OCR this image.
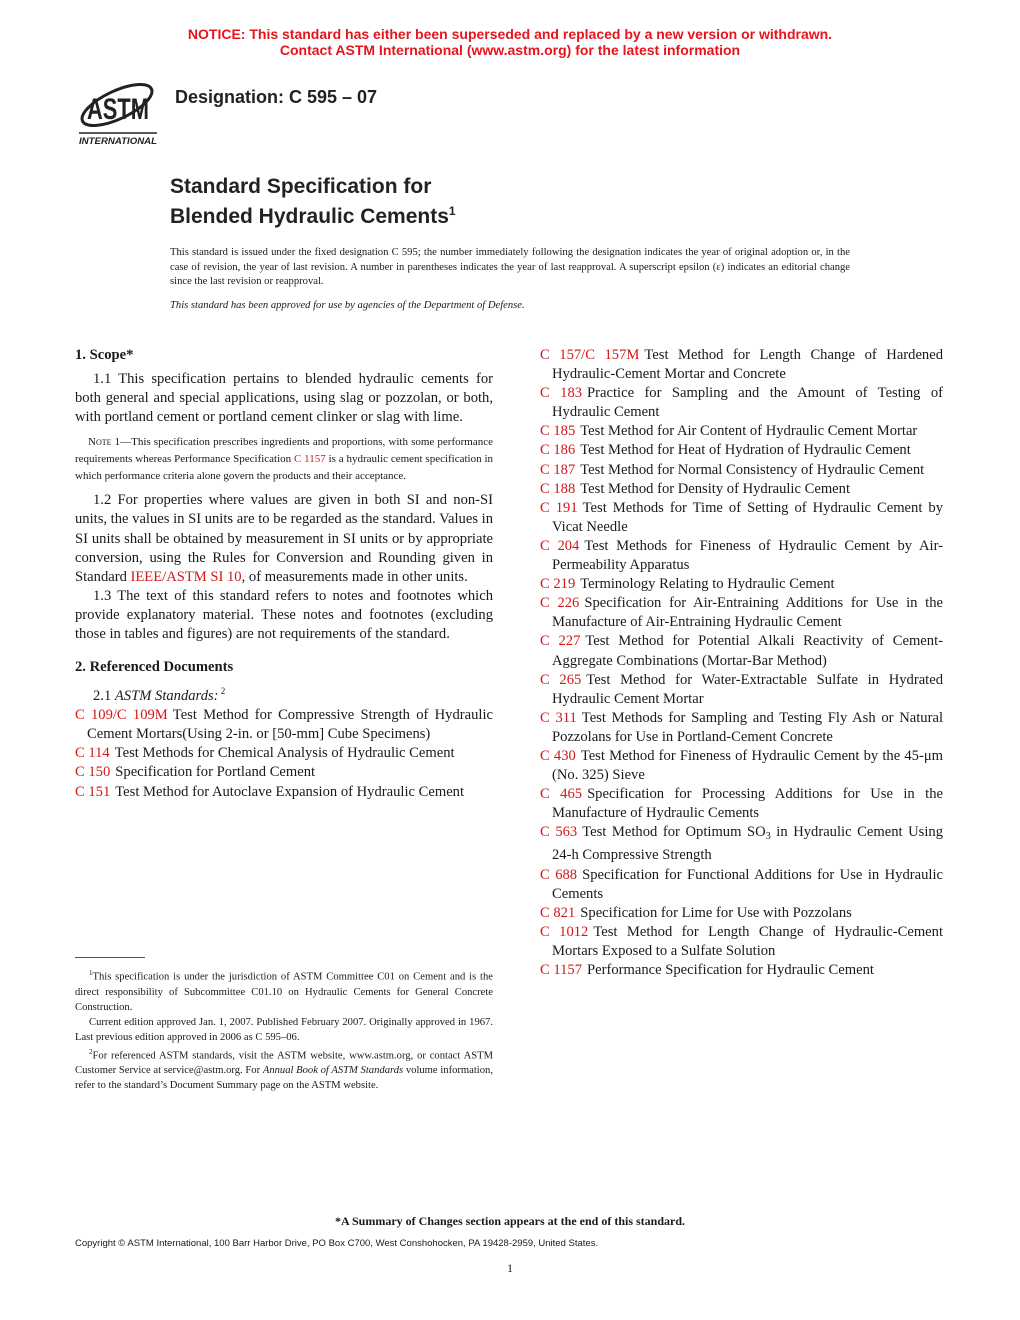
NOTICE: This standard has either been superseded and replaced by a new version or withdrawn.
Contact ASTM International (www.astm.org) for the latest information
ASTM
INTERNATIONAL
Designation: C 595 – 07
Standard Specification for
Blended Hydraulic Cements$^1$
This standard is issued under the fixed designation C 595; the number immediately following the designation indicates the year of original adoption or, in the case of revision, the year of last revision. A number in parentheses indicates the year of last reapproval. A superscript epsilon (ε) indicates an editorial change since the last revision or reapproval.
This standard has been approved for use by agencies of the Department of Defense.
1. Scope*

1.1 This specification pertains to blended hydraulic cements for both general and special applications, using slag or pozzolan, or both, with portland cement or portland cement clinker or slag with lime.

Note 1—This specification prescribes ingredients and proportions, with some performance requirements whereas Performance Specification C 1157 is a hydraulic cement specification in which performance criteria alone govern the products and their acceptance.

1.2 For properties where values are given in both SI and non-SI units, the values in SI units are to be regarded as the standard. Values in SI units shall be obtained by measurement in SI units or by appropriate conversion, using the Rules for Conversion and Rounding given in Standard IEEE/ASTM SI 10, of measurements made in other units.

1.3 The text of this standard refers to notes and footnotes which provide explanatory material. These notes and footnotes (excluding those in tables and figures) are not requirements of the standard.

2. Referenced Documents

2.1 ASTM Standards: $^2$

C 109/C 109M Test Method for Compressive Strength of Hydraulic Cement Mortars(Using 2-in. or [50-mm] Cube Specimens)

C 114 Test Methods for Chemical Analysis of Hydraulic Cement

C 150 Specification for Portland Cement

C 151 Test Method for Autoclave Expansion of Hydraulic Cement

C 157/C 157M Test Method for Length Change of Hardened Hydraulic-Cement Mortar and Concrete

C 183 Practice for Sampling and the Amount of Testing of Hydraulic Cement

C 185 Test Method for Air Content of Hydraulic Cement Mortar

C 186 Test Method for Heat of Hydration of Hydraulic Cement

C 187 Test Method for Normal Consistency of Hydraulic Cement

C 188 Test Method for Density of Hydraulic Cement

C 191 Test Methods for Time of Setting of Hydraulic Cement by Vicat Needle

C 204 Test Methods for Fineness of Hydraulic Cement by Air-Permeability Apparatus

C 219 Terminology Relating to Hydraulic Cement

C 226 Specification for Air-Entraining Additions for Use in the Manufacture of Air-Entraining Hydraulic Cement

C 227 Test Method for Potential Alkali Reactivity of Cement-Aggregate Combinations (Mortar-Bar Method)

C 265 Test Method for Water-Extractable Sulfate in Hydrated Hydraulic Cement Mortar

C 311 Test Methods for Sampling and Testing Fly Ash or Natural Pozzolans for Use in Portland-Cement Concrete

C 430 Test Method for Fineness of Hydraulic Cement by the 45-μm (No. 325) Sieve

C 465 Specification for Processing Additions for Use in the Manufacture of Hydraulic Cements

C 563 Test Method for Optimum $SO_3$ in Hydraulic Cement Using 24-h Compressive Strength

C 688 Specification for Functional Additions for Use in Hydraulic Cements

C 821 Specification for Lime for Use with Pozzolans

C 1012 Test Method for Length Change of Hydraulic-Cement Mortars Exposed to a Sulfate Solution

C 1157 Performance Specification for Hydraulic Cement

$^1$This specification is under the jurisdiction of ASTM Committee C01 on Cement and is the direct responsibility of Subcommittee C01.10 on Hydraulic Cements for General Concrete Construction.

Current edition approved Jan. 1, 2007. Published February 2007. Originally approved in 1967. Last previous edition approved in 2006 as C 595–06.

$^2$For referenced ASTM standards, visit the ASTM website, www.astm.org, or contact ASTM Customer Service at service@astm.org. For Annual Book of ASTM Standards volume information, refer to the standard’s Document Summary page on the ASTM website.

*A Summary of Changes section appears at the end of this standard.
Copyright © ASTM International, 100 Barr Harbor Drive, PO Box C700, West Conshohocken, PA 19428-2959, United States.
1
